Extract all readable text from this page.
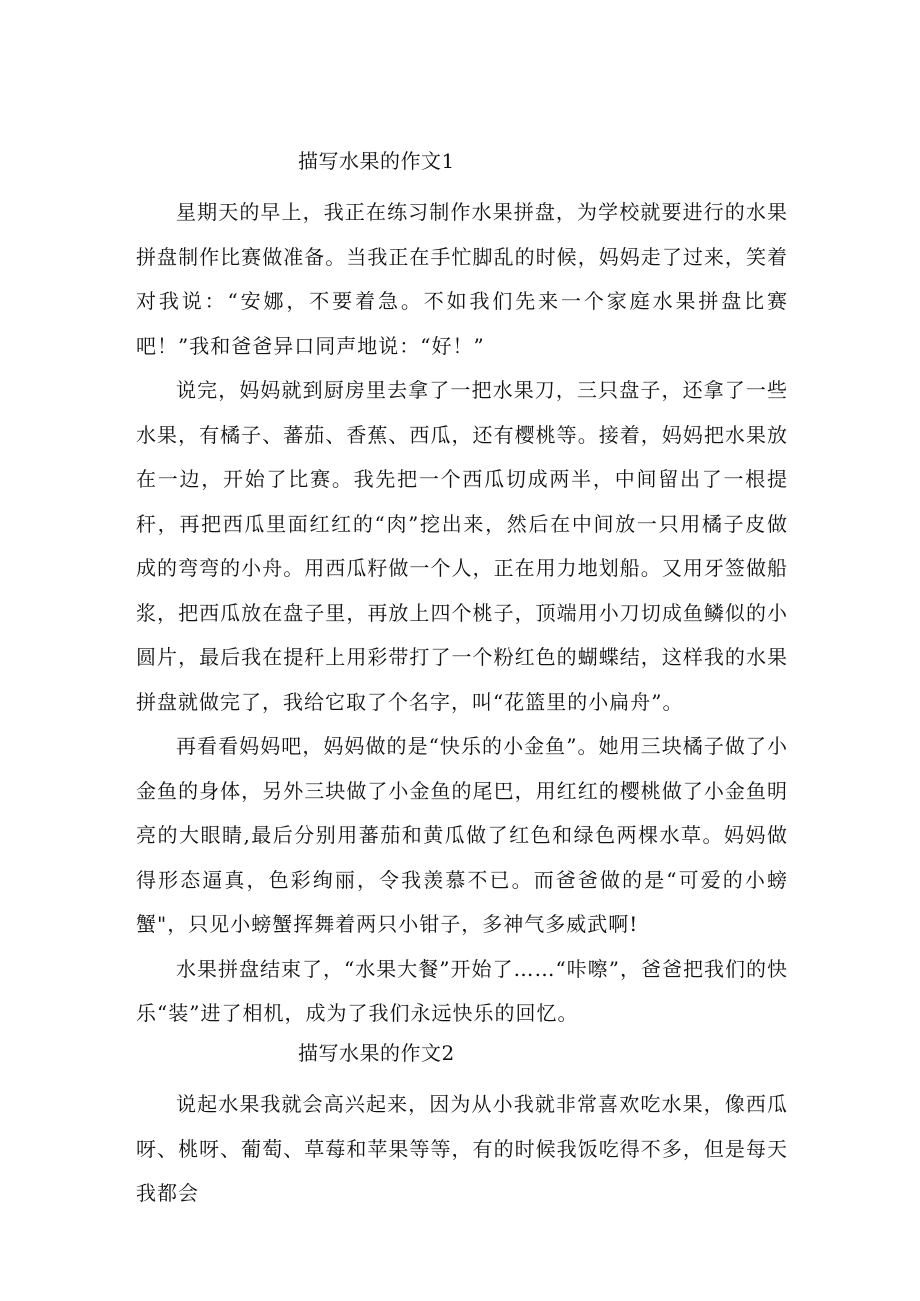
描写水果的作文1

星期天的早上，我正在练习制作水果拼盘，为学校就要进行的水果拼盘制作比赛做准备。当我正在手忙脚乱的时候，妈妈走了过来，笑着对我说：“安娜，不要着急。不如我们先来一个家庭水果拼盘比赛吧！”我和爸爸异口同声地说：“好！”

说完，妈妈就到厨房里去拿了一把水果刀，三只盘子，还拿了一些水果，有橘子、蕃茄、香蕉、西瓜，还有樱桃等。接着，妈妈把水果放在一边，开始了比赛。我先把一个西瓜切成两半，中间留出了一根提秆，再把西瓜里面红红的“肉”挖出来，然后在中间放一只用橘子皮做成的弯弯的小舟。用西瓜籽做一个人，正在用力地划船。又用牙签做船浆，把西瓜放在盘子里，再放上四个桃子，顶端用小刀切成鱼鳞似的小圆片，最后我在提秆上用彩带打了一个粉红色的蝴蝶结，这样我的水果拼盘就做完了，我给它取了个名字，叫“花篮里的小扁舟”。

再看看妈妈吧，妈妈做的是“快乐的小金鱼”。她用三块橘子做了小金鱼的身体，另外三块做了小金鱼的尾巴，用红红的樱桃做了小金鱼明亮的大眼睛,最后分别用蕃茄和黄瓜做了红色和绿色两棵水草。妈妈做得形态逼真，色彩绚丽，令我羡慕不已。而爸爸做的是“可爱的小螃蟹"，只见小螃蟹挥舞着两只小钳子，多神气多威武啊!

水果拼盘结束了，“水果大餐”开始了……“咔嚓”，爸爸把我们的快乐“装”进了相机，成为了我们永远快乐的回忆。

描写水果的作文2

说起水果我就会高兴起来，因为从小我就非常喜欢吃水果，像西瓜呀、桃呀、葡萄、草莓和苹果等等，有的时候我饭吃得不多，但是每天我都会
